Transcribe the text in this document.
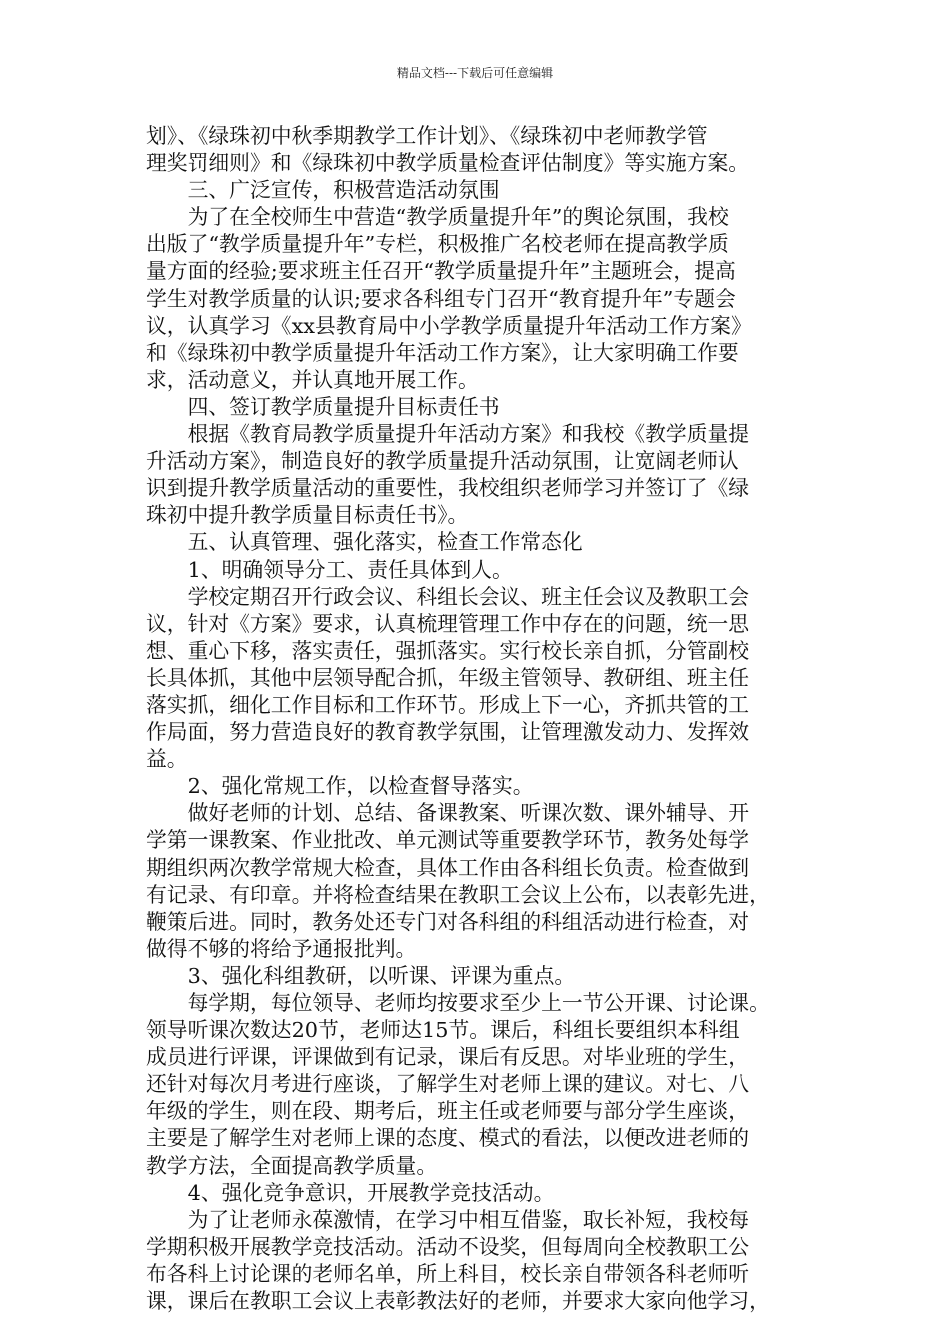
精品文档---下载后可任意编辑
划》、《绿珠初中秋季期教学工作计划》、《绿珠初中老师教学管
理奖罚细则》和《绿珠初中教学质量检查评估制度》等实施方案。
三、广泛宣传，积极营造活动氛围
为了在全校师生中营造“教学质量提升年”的舆论氛围，我校
出版了“教学质量提升年”专栏，积极推广名校老师在提高教学质
量方面的经验;要求班主任召开“教学质量提升年”主题班会，提高
学生对教学质量的认识;要求各科组专门召开“教育提升年”专题会
议，认真学习《xx县教育局中小学教学质量提升年活动工作方案》
和《绿珠初中教学质量提升年活动工作方案》，让大家明确工作要
求，活动意义，并认真地开展工作。
四、签订教学质量提升目标责任书
根据《教育局教学质量提升年活动方案》和我校《教学质量提
升活动方案》，制造良好的教学质量提升活动氛围，让宽阔老师认
识到提升教学质量活动的重要性，我校组织老师学习并签订了《绿
珠初中提升教学质量目标责任书》。
五、认真管理、强化落实，检查工作常态化
1、明确领导分工、责任具体到人。
学校定期召开行政会议、科组长会议、班主任会议及教职工会
议，针对《方案》要求，认真梳理管理工作中存在的问题，统一思
想、重心下移，落实责任，强抓落实。实行校长亲自抓，分管副校
长具体抓，其他中层领导配合抓，年级主管领导、教研组、班主任
落实抓，细化工作目标和工作环节。形成上下一心，齐抓共管的工
作局面，努力营造良好的教育教学氛围，让管理激发动力、发挥效
益。
2、强化常规工作，以检查督导落实。
做好老师的计划、总结、备课教案、听课次数、课外辅导、开
学第一课教案、作业批改、单元测试等重要教学环节，教务处每学
期组织两次教学常规大检查，具体工作由各科组长负责。检查做到
有记录、有印章。并将检查结果在教职工会议上公布，以表彰先进，
鞭策后进。同时，教务处还专门对各科组的科组活动进行检查，对
做得不够的将给予通报批判。
3、强化科组教研，以听课、评课为重点。
每学期，每位领导、老师均按要求至少上一节公开课、讨论课。
领导听课次数达20节，老师达15节。课后，科组长要组织本科组
成员进行评课，评课做到有记录，课后有反思。对毕业班的学生，
还针对每次月考进行座谈，了解学生对老师上课的建议。对七、八
年级的学生，则在段、期考后，班主任或老师要与部分学生座谈，
主要是了解学生对老师上课的态度、模式的看法，以便改进老师的
教学方法，全面提高教学质量。
4、强化竞争意识，开展教学竞技活动。
为了让老师永葆激情，在学习中相互借鉴，取长补短，我校每
学期积极开展教学竞技活动。活动不设奖，但每周向全校教职工公
布各科上讨论课的老师名单，所上科目，校长亲自带领各科老师听
课，课后在教职工会议上表彰教法好的老师，并要求大家向他学习，
